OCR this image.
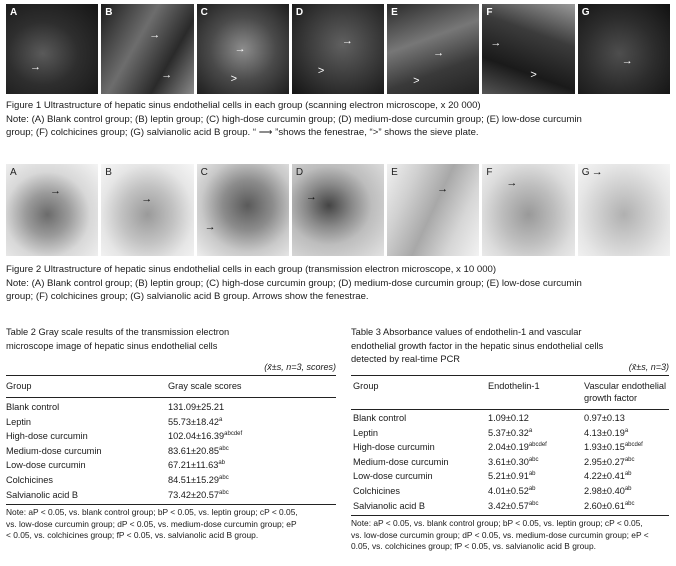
A
→
B
→
→
C
→
>
D
→
>
E
→
>
F
→
>
G
→

Figure 1 Ultrastructure of hepatic sinus endothelial cells in each group (scanning electron microscope, x 20 000)

Note: (A) Blank control group; (B) leptin group; (C) high-dose curcumin group; (D) medium-dose curcumin group; (E) low-dose curcumin

group; (F) colchicines group; (G) salvianolic acid B group. “ ⟶ ”shows the fenestrae, “>” shows the sieve plate.

A
→
B
→
C
→
D
→
E
→
F
→
G →

Figure 2 Ultrastructure of hepatic sinus endothelial cells in each group (transmission electron microscope, x 10 000)

Note: (A) Blank control group; (B) leptin group; (C) high-dose curcumin group; (D) medium-dose curcumin group; (E) low-dose curcumin

group; (F) colchicines group; (G) salvianolic acid B group. Arrows show the fenestrae.

Table 2 Gray scale results of the transmission electron
microscope image of hepatic sinus endothelial cells
(x̄±s, n=3, scores)
Group	Gray scale scores
Blank control	131.09±25.21
Leptin	55.73±18.42$^a$
High-dose curcumin	$102.04\pm 16.39^{abcdef}$
Medium-dose curcumin	83.61±20.85$^{abc}$
Low-dose curcumin	67.21±11.63$^{ab}$
Colchicines	84.51±15.29$^{abc}$
Salvianolic acid B	73.42±20.57$^{abc}$
Note: aP < 0.05, vs. blank control group; bP < 0.05, vs. leptin group; cP < 0.05,
vs. low-dose curcumin group; dP < 0.05, vs. medium-dose curcumin group; eP
< 0.05, vs. colchicines group; fP < 0.05, vs. salvianolic acid B group.
Table 3 Absorbance values of endothelin-1 and vascular
endothelial growth factor in the hepatic sinus endothelial cells
detected by real-time PCR
(x̄±s, n=3)
Group	Endothelin-1	Vascular endothelial
growth factor
Blank control	1.09±0.12	0.97±0.13
Leptin	5.37±0.32$^a$	4.13±0.19$^a$
High-dose curcumin	$2.04\pm 0.19^{abcdef}$	$1.93\pm 0.15^{abcdef}$
Medium-dose curcumin	3.61±0.30$^{abc}$	2.95±0.27$^{abc}$
Low-dose curcumin	5.21±0.91$^{ab}$	4.22±0.41$^{ab}$
Colchicines	4.01±0.52$^{ab}$	2.98±0.40$^{ab}$
Salvianolic acid B	3.42±0.57$^{abc}$	2.60±0.61$^{abc}$
Note: aP < 0.05, vs. blank control group; bP < 0.05, vs. leptin group; cP < 0.05,
vs. low-dose curcumin group; dP < 0.05, vs. medium-dose curcumin group; eP <
0.05, vs. colchicines group; fP < 0.05, vs. salvianolic acid B group.
